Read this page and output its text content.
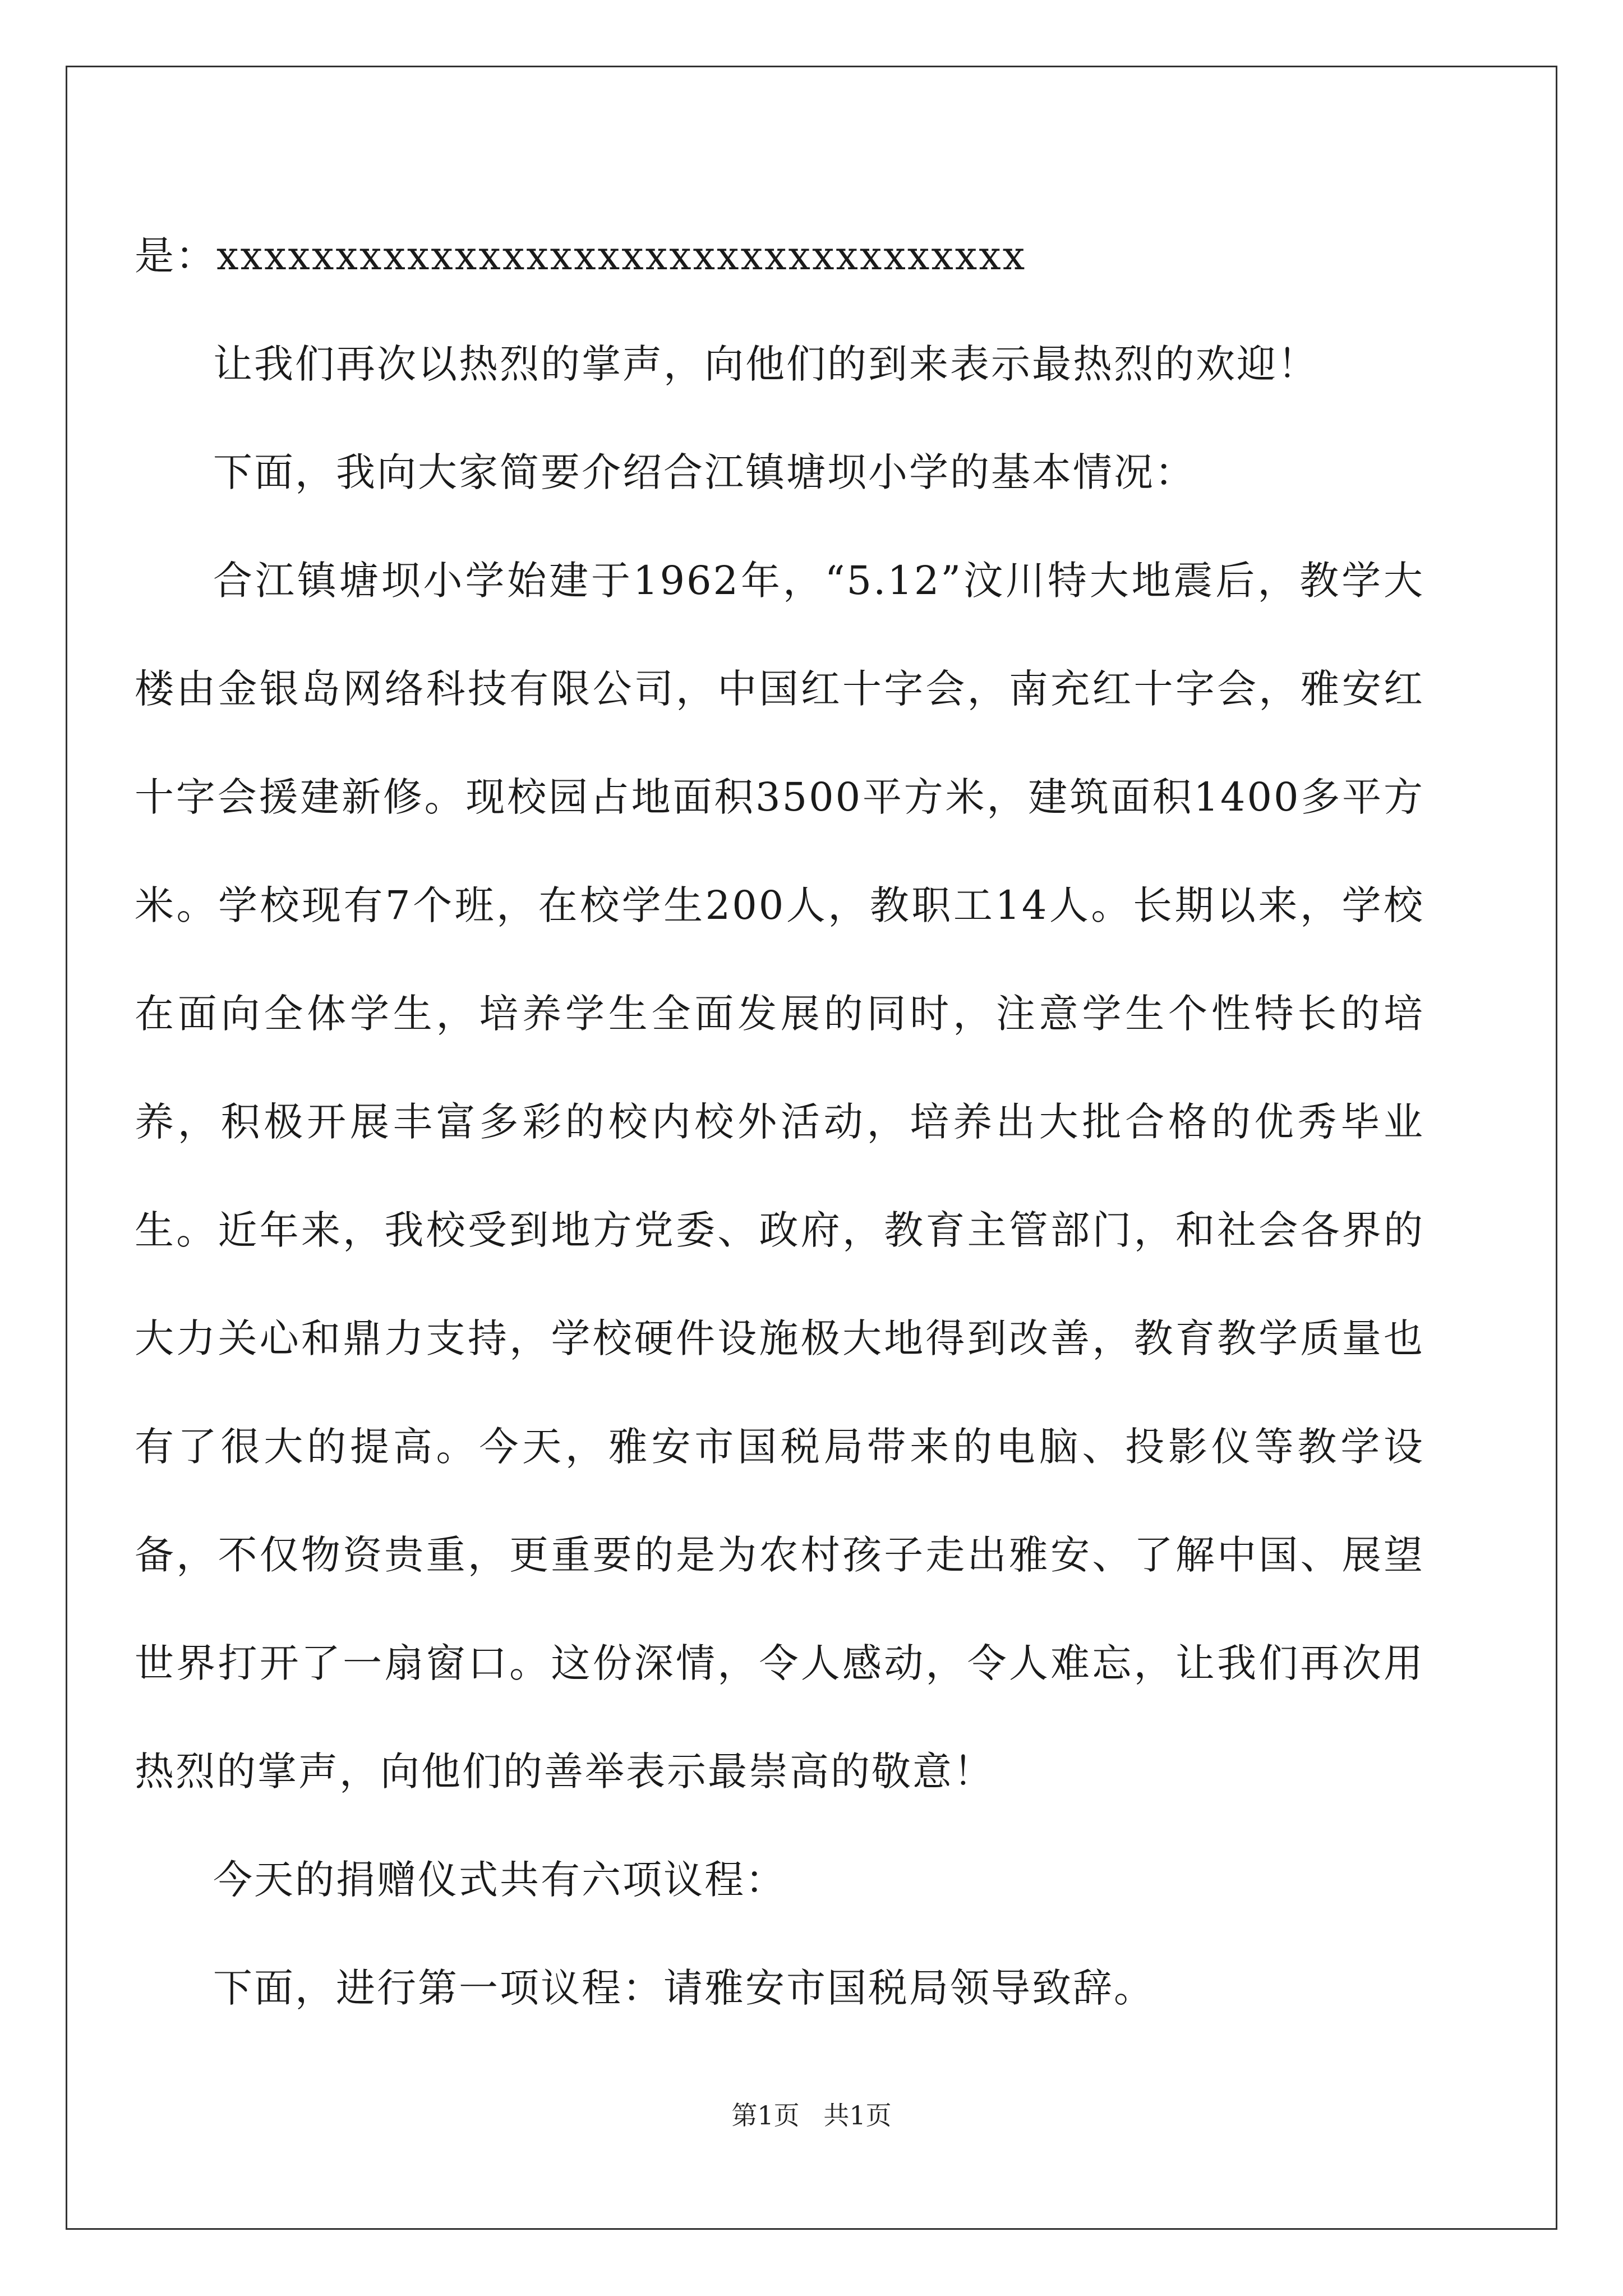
是：xxxxxxxxxxxxxxxxxxxxxxxxxxxxxxxxxx

让我们再次以热烈的掌声，向他们的到来表示最热烈的欢迎！

下面，我向大家简要介绍合江镇塘坝小学的基本情况：

合江镇塘坝小学始建于1962年，“5.12”汶川特大地震后，教学大楼由金银岛网络科技有限公司，中国红十字会，南充红十字会，雅安红十字会援建新修。现校园占地面积3500平方米，建筑面积1400多平方米。学校现有7个班，在校学生200人，教职工14人。长期以来，学校在面向全体学生，培养学生全面发展的同时，注意学生个性特长的培养，积极开展丰富多彩的校内校外活动，培养出大批合格的优秀毕业生。近年来，我校受到地方党委、政府，教育主管部门，和社会各界的大力关心和鼎力支持，学校硬件设施极大地得到改善，教育教学质量也有了很大的提高。今天，雅安市国税局带来的电脑、投影仪等教学设备，不仅物资贵重，更重要的是为农村孩子走出雅安、了解中国、展望世界打开了一扇窗口。这份深情，令人感动，令人难忘，让我们再次用热烈的掌声，向他们的善举表示最崇高的敬意！

今天的捐赠仪式共有六项议程：

下面，进行第一项议程：请雅安市国税局领导致辞。

第1页 共1页
